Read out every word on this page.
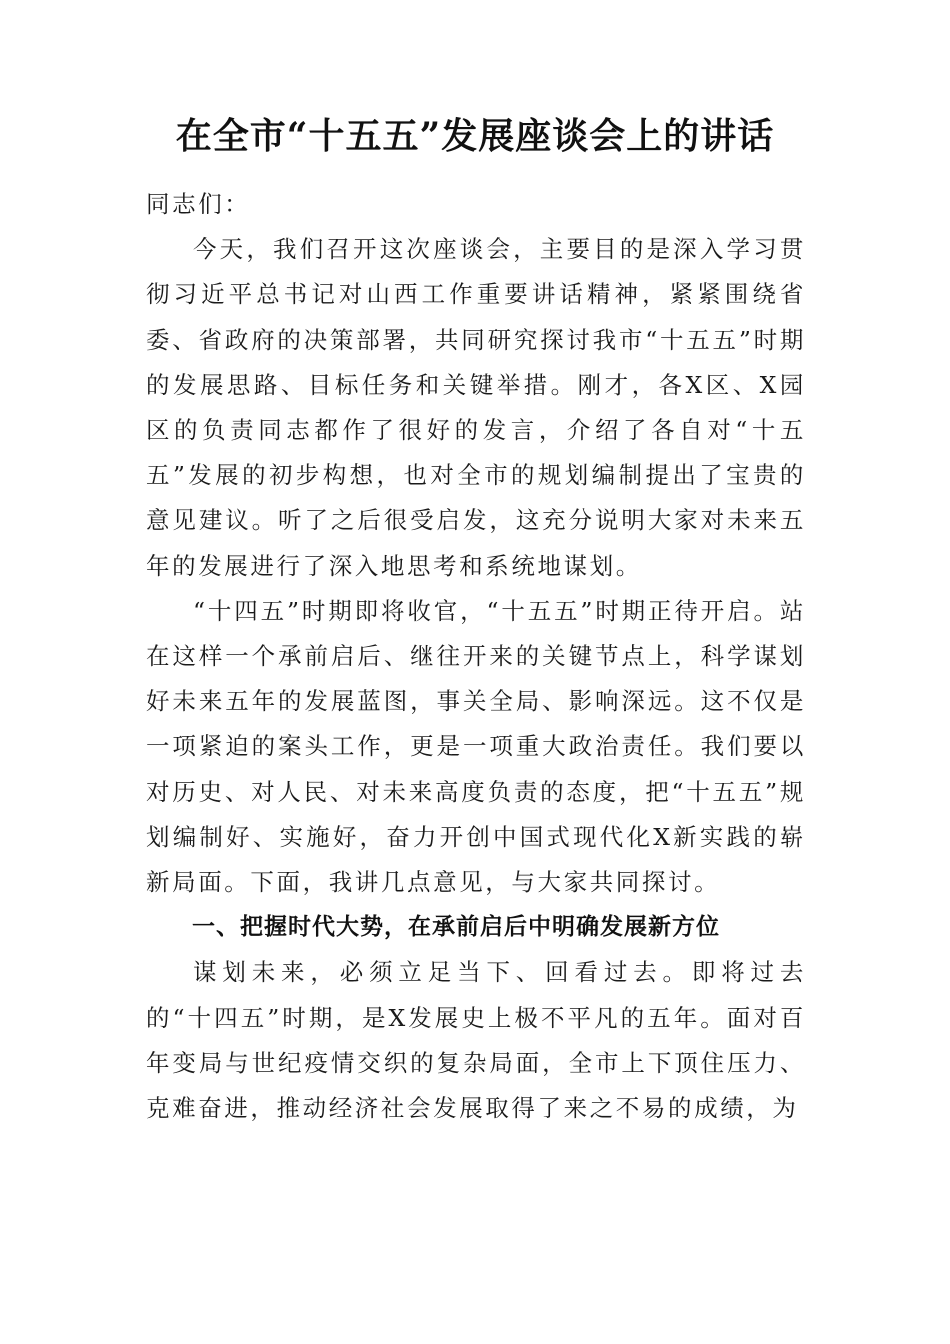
在全市“十五五”发展座谈会上的讲话

同志们：

今天，我们召开这次座谈会，主要目的是深入学习贯彻习近平总书记对山西工作重要讲话精神，紧紧围绕省委、省政府的决策部署，共同研究探讨我市“十五五”时期的发展思路、目标任务和关键举措。刚才，各X区、X园区的负责同志都作了很好的发言，介绍了各自对“十五五”发展的初步构想，也对全市的规划编制提出了宝贵的意见建议。听了之后很受启发，这充分说明大家对未来五年的发展进行了深入地思考和系统地谋划。

“十四五”时期即将收官，“十五五”时期正待开启。站在这样一个承前启后、继往开来的关键节点上，科学谋划好未来五年的发展蓝图，事关全局、影响深远。这不仅是一项紧迫的案头工作，更是一项重大政治责任。我们要以对历史、对人民、对未来高度负责的态度，把“十五五”规划编制好、实施好，奋力开创中国式现代化X新实践的崭新局面。下面，我讲几点意见，与大家共同探讨。

一、把握时代大势，在承前启后中明确发展新方位

谋划未来，必须立足当下、回看过去。即将过去的“十四五”时期，是X发展史上极不平凡的五年。面对百年变局与世纪疫情交织的复杂局面，全市上下顶住压力、克难奋进，推动经济社会发展取得了来之不易的成绩，为
